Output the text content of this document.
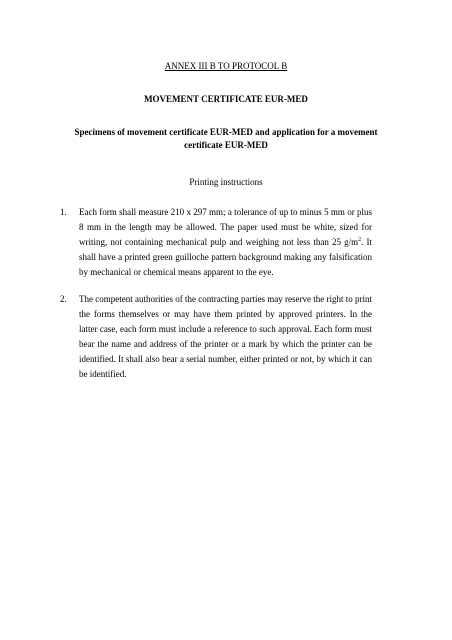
ANNEX III B TO PROTOCOL B
MOVEMENT CERTIFICATE EUR-MED
Specimens of movement certificate EUR-MED and application for a movement certificate EUR-MED
Printing instructions
1. Each form shall measure 210 x 297 mm; a tolerance of up to minus 5 mm or plus 8 mm in the length may be allowed. The paper used must be white, sized for writing, not containing mechanical pulp and weighing not less than 25 $g/m^2$. It shall have a printed green guilloche pattern background making any falsification by mechanical or chemical means apparent to the eye.
2. The competent authorities of the contracting parties may reserve the right to print the forms themselves or may have them printed by approved printers. In the latter case, each form must include a reference to such approval. Each form must bear the name and address of the printer or a mark by which the printer can be identified. It shall also bear a serial number, either printed or not, by which it can be identified.
